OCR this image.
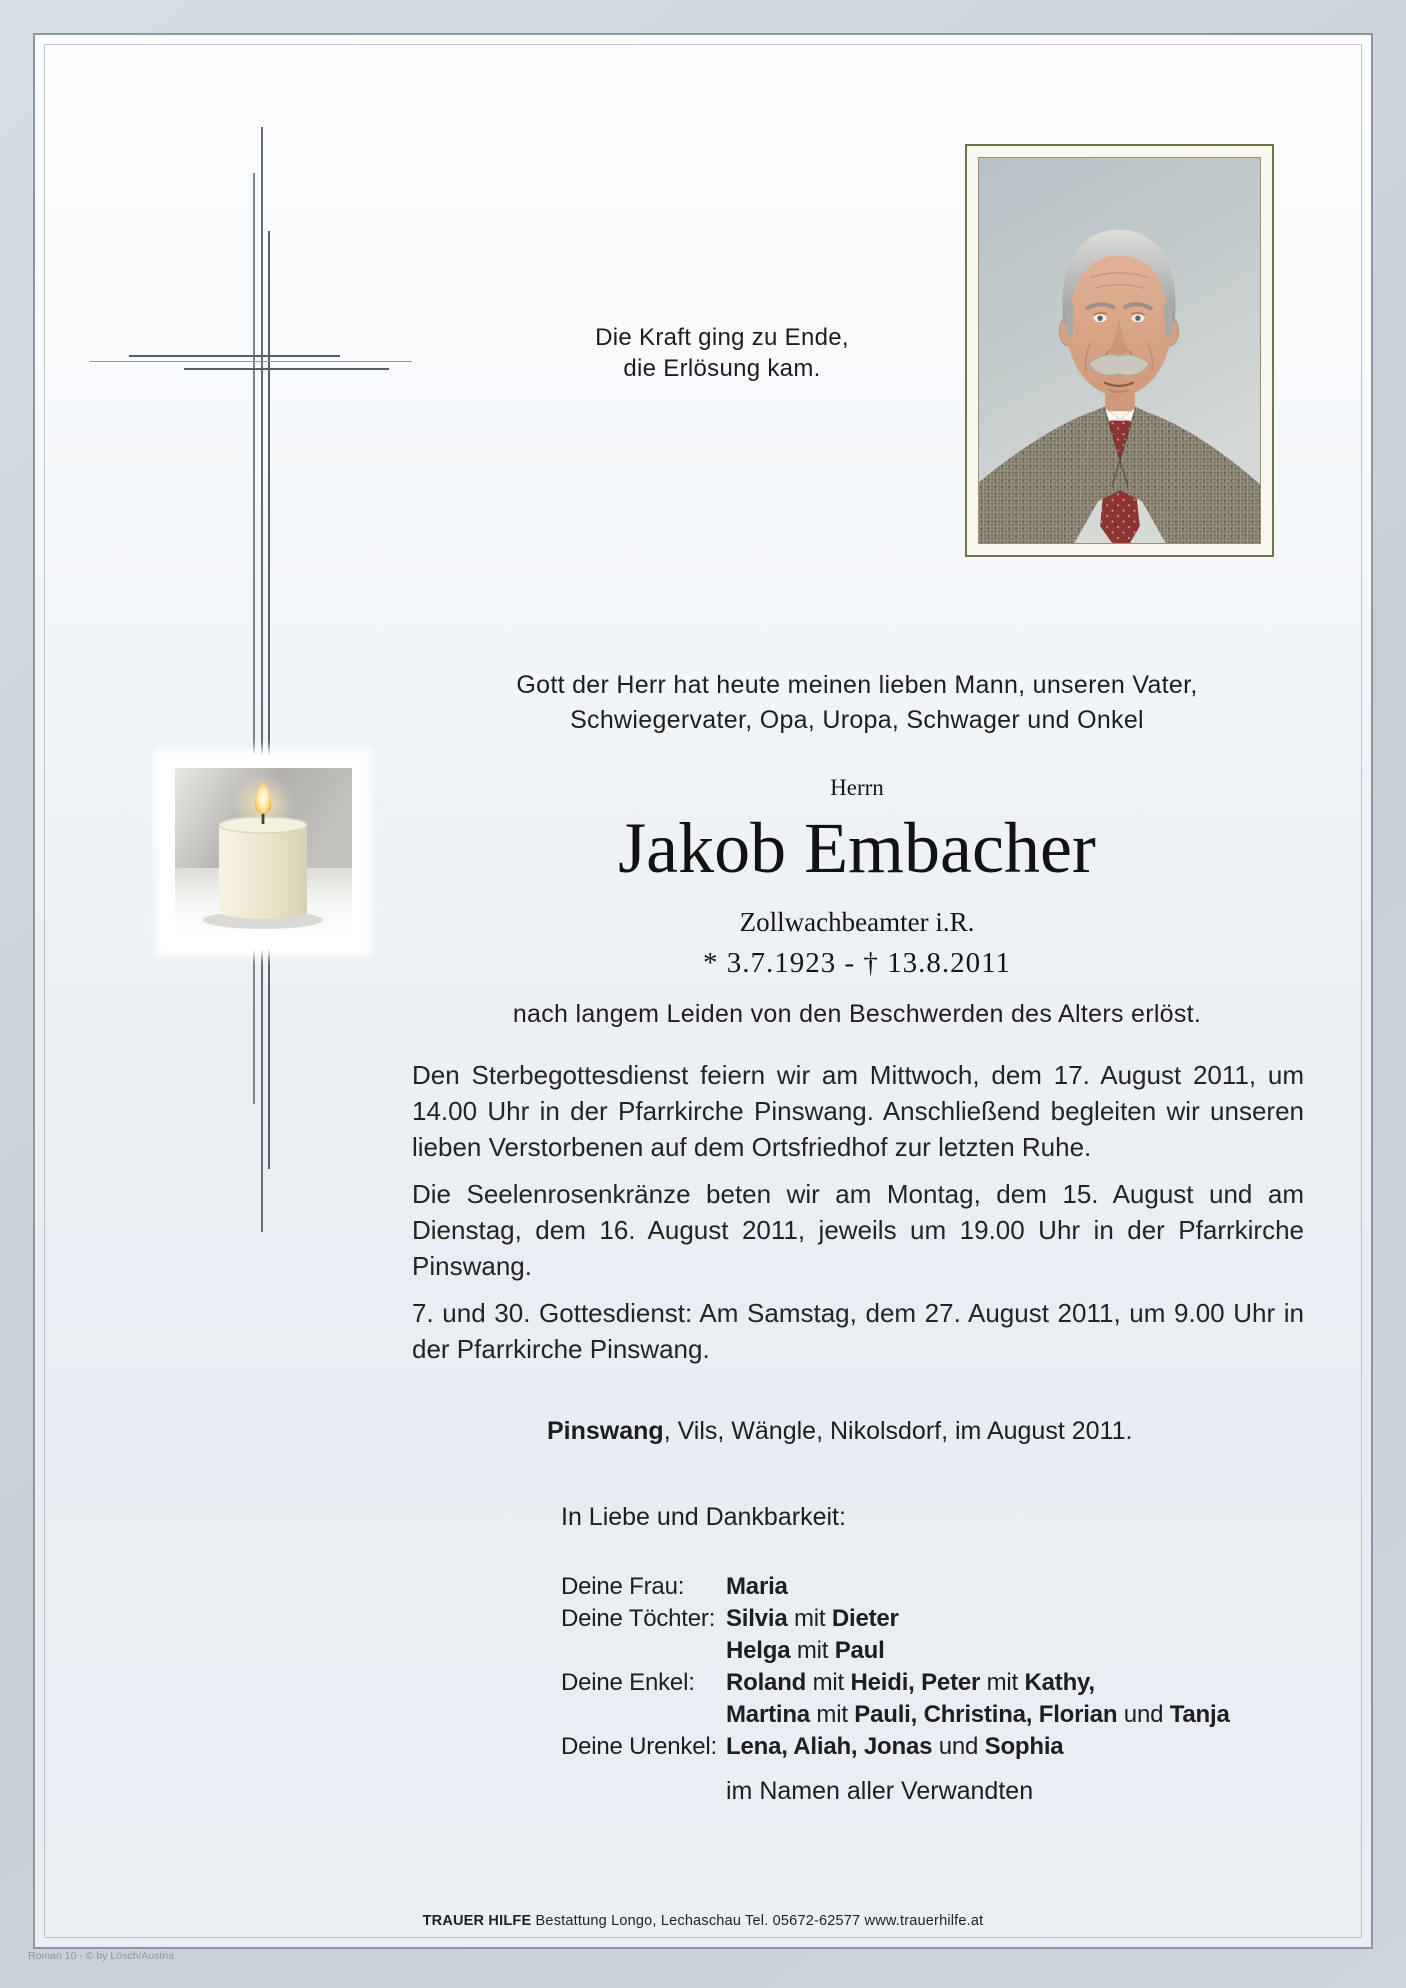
Die Kraft ging zu Ende,
die Erlösung kam.
Gott der Herr hat heute meinen lieben Mann, unseren Vater,
Schwiegervater, Opa, Uropa, Schwager und Onkel
Herrn
Jakob Embacher
Zollwachbeamter i.R.
* 3.7.1923 - † 13.8.2011
nach langem Leiden von den Beschwerden des Alters erlöst.

Den Sterbegottesdienst feiern wir am Mittwoch, dem 17. August 2011, um 14.00 Uhr in der Pfarrkirche Pinswang. Anschließend begleiten wir unseren lieben Verstorbenen auf dem Ortsfriedhof zur letzten Ruhe.

Die Seelenrosenkränze beten wir am Montag, dem 15. August und am Dienstag, dem 16. August 2011, jeweils um 19.00 Uhr in der Pfarrkirche Pinswang.

7. und 30. Gottesdienst: Am Samstag, dem 27. August 2011, um 9.00 Uhr in der Pfarrkirche Pinswang.

Pinswang, Vils, Wängle, Nikolsdorf, im August 2011.
In Liebe und Dankbarkeit:
Deine Frau:	Maria
Deine Töchter: Silvia mit Dieter
Helga mit Paul
Deine Enkel:	Roland mit Heidi, Peter mit Kathy,
Martina mit Pauli, Christina, Florian und Tanja
Deine Urenkel: Lena, Aliah, Jonas und Sophia
im Namen aller Verwandten
TRAUER HILFE Bestattung Longo, Lechaschau Tel. 05672-62577 www.trauerhilfe.at
Roman 10 - © by Lösch/Austria
